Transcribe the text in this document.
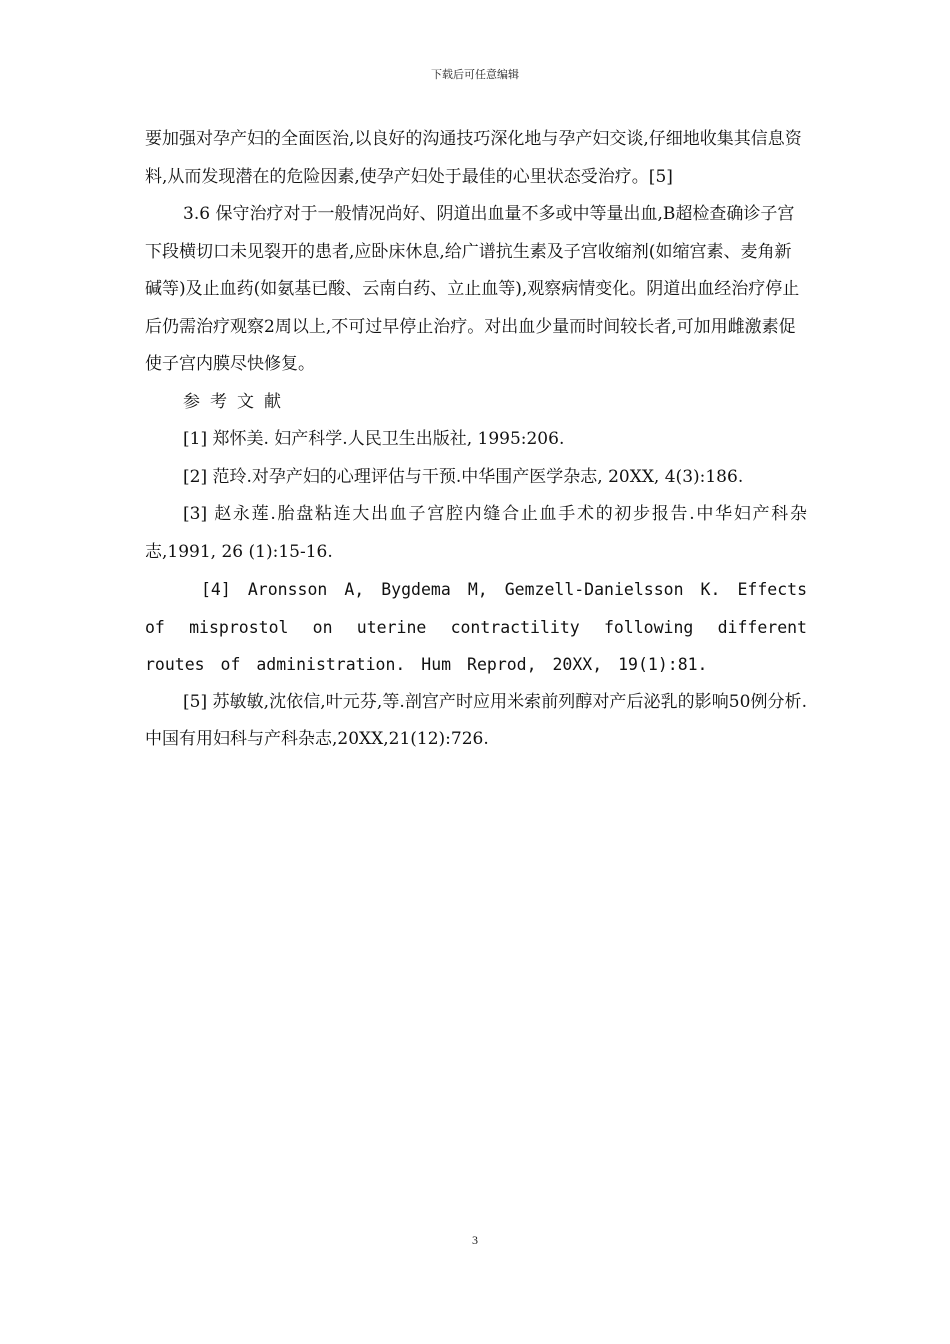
下载后可任意编辑

要加强对孕产妇的全面医治,以良好的沟通技巧深化地与孕产妇交谈,仔细地收集其信息资料,从而发现潜在的危险因素,使孕产妇处于最佳的心里状态受治疗。[5]

3.6 保守治疗对于一般情况尚好、阴道出血量不多或中等量出血,B超检查确诊子宫下段横切口未见裂开的患者,应卧床休息,给广谱抗生素及子宫收缩剂(如缩宫素、麦角新碱等)及止血药(如氨基已酸、云南白药、立止血等),观察病情变化。阴道出血经治疗停止后仍需治疗观察2周以上,不可过早停止治疗。对出血少量而时间较长者,可加用雌激素促使子宫内膜尽快修复。

参考文献

[1] 郑怀美. 妇产科学.人民卫生出版社, 1995:206.

[2] 范玲.对孕产妇的心理评估与干预.中华围产医学杂志, 20XX, 4(3):186.

[3] 赵永莲.胎盘粘连大出血子宫腔内缝合止血手术的初步报告.中华妇产科杂志,1991, 26 (1):15-16.

[4] Aronsson A, Bygdema M, Gemzell-Danielsson K. Effects of misprostol on uterine contractility following different routes of administration. Hum Reprod, 20XX, 19(1):81.

[5] 苏敏敏,沈依信,叶元芬,等.剖宫产时应用米索前列醇对产后泌乳的影响50例分析.中国有用妇科与产科杂志,20XX,21(12):726.

3
